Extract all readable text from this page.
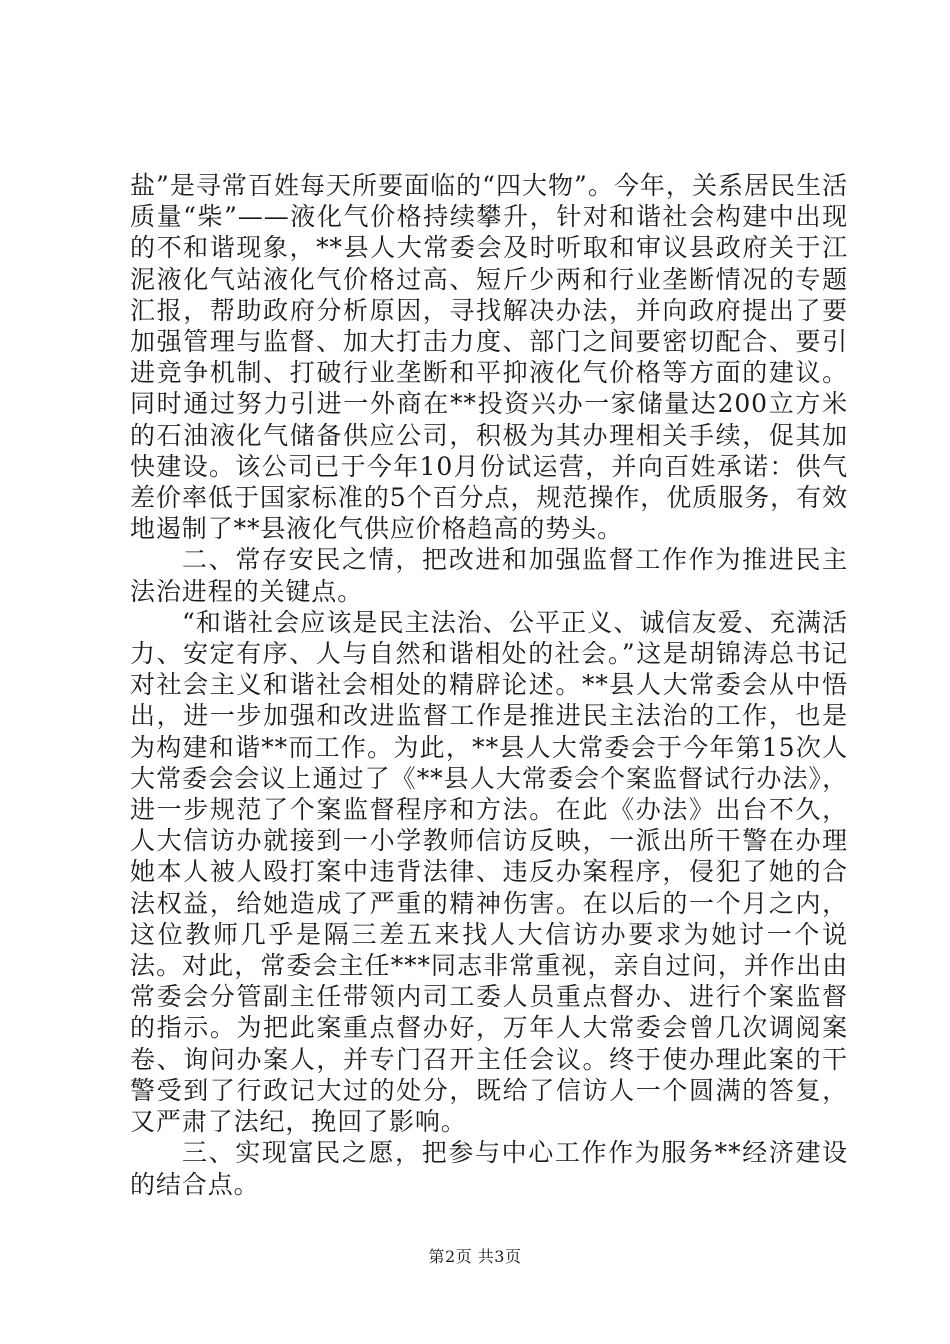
盐”是寻常百姓每天所要面临的“四大物”。今年，关系居民生活质量“柴”——液化气价格持续攀升，针对和谐社会构建中出现的不和谐现象，**县人大常委会及时听取和审议县政府关于江泥液化气站液化气价格过高、短斤少两和行业垄断情况的专题汇报，帮助政府分析原因，寻找解决办法，并向政府提出了要加强管理与监督、加大打击力度、部门之间要密切配合、要引进竞争机制、打破行业垄断和平抑液化气价格等方面的建议。同时通过努力引进一外商在**投资兴办一家储量达200立方米的石油液化气储备供应公司，积极为其办理相关手续，促其加快建设。该公司已于今年10月份试运营，并向百姓承诺：供气差价率低于国家标准的5个百分点，规范操作，优质服务，有效地遏制了**县液化气供应价格趋高的势头。

二、常存安民之情，把改进和加强监督工作作为推进民主法治进程的关键点。

“和谐社会应该是民主法治、公平正义、诚信友爱、充满活力、安定有序、人与自然和谐相处的社会。”这是胡锦涛总书记对社会主义和谐社会相处的精辟论述。**县人大常委会从中悟出，进一步加强和改进监督工作是推进民主法治的工作，也是为构建和谐**而工作。为此，**县人大常委会于今年第15次人大常委会会议上通过了《**县人大常委会个案监督试行办法》，进一步规范了个案监督程序和方法。在此《办法》出台不久，人大信访办就接到一小学教师信访反映，一派出所干警在办理她本人被人殴打案中违背法律、违反办案程序，侵犯了她的合法权益，给她造成了严重的精神伤害。在以后的一个月之内，这位教师几乎是隔三差五来找人大信访办要求为她讨一个说法。对此，常委会主任***同志非常重视，亲自过问，并作出由常委会分管副主任带领内司工委人员重点督办、进行个案监督的指示。为把此案重点督办好，万年人大常委会曾几次调阅案卷、询问办案人，并专门召开主任会议。终于使办理此案的干警受到了行政记大过的处分，既给了信访人一个圆满的答复，又严肃了法纪，挽回了影响。

三、实现富民之愿，把参与中心工作作为服务**经济建设的结合点。

第2页 共3页
